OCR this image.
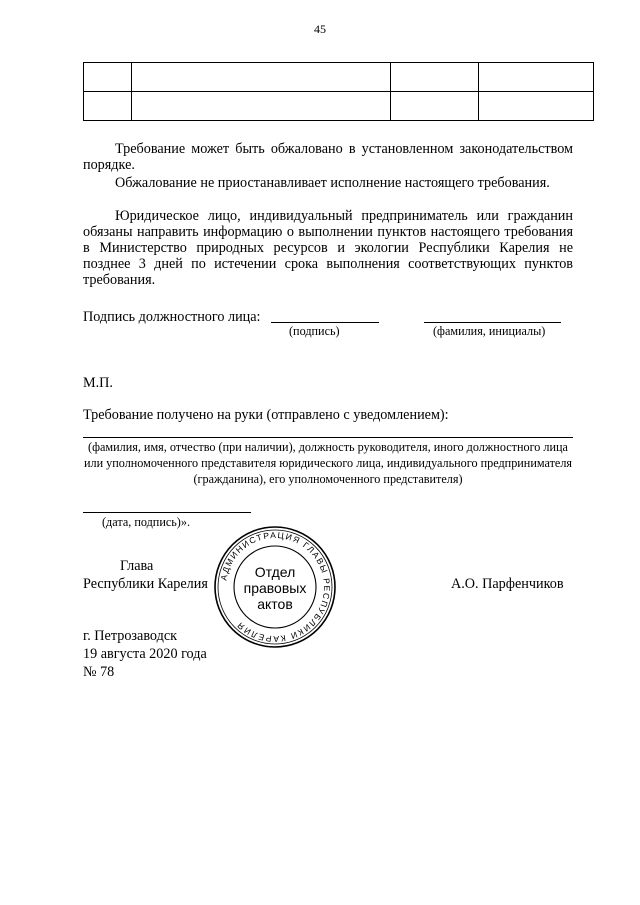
45

Требование может быть обжаловано в установленном законодательством порядке.
Обжалование не приостанавливает исполнение настоящего требования.
Юридическое лицо, индивидуальный предприниматель или гражданин обязаны направить информацию о выполнении пунктов настоящего требования в Министерство природных ресурсов и экологии Республики Карелия не позднее 3 дней по истечении срока выполнения соответствующих пунктов требования.
Подпись должностного лица:
(подпись)	(фамилия, инициалы)
М.П.
Требование получено на руки (отправлено с уведомлением):
(фамилия, имя, отчество (при наличии), должность руководителя, иного должностного лица или уполномоченного представителя юридического лица, индивидуального предпринимателя (гражданина), его уполномоченного представителя)
(дата, подпись)».
Глава
Республики Карелия	А.О. Парфенчиков
АДМИНИСТРАЦИЯ ГЛАВЫ РЕСПУБЛИКИ КАРЕЛИЯ
Отдел
правовых
актов
г. Петрозаводск
19 августа 2020 года
№ 78
